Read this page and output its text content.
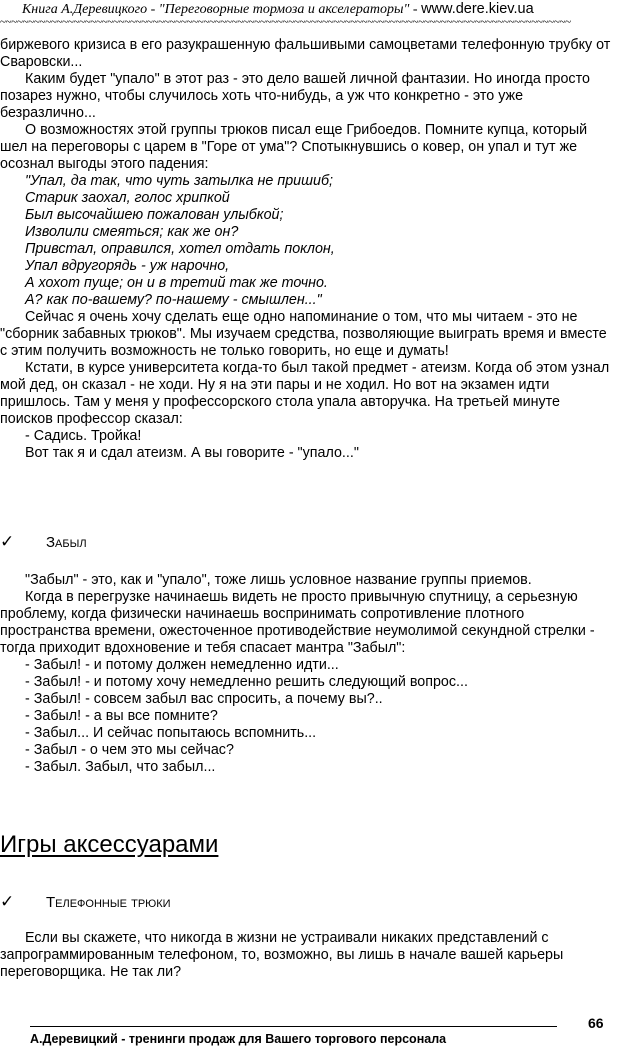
Книга А.Деревицкого - "Переговорные тормоза и акселераторы" - www.dere.kiev.ua
~~~~~~~~~~~~~~~~~~~~~~~~~~~~~~~~~~~~~~~~~~~~~~~~~~~~~~~~~~~~~~~~~~~~~~~~~~~~~~~~~~~~~~~~~~~~~~~~~~~~~

биржевого кризиса в его разукрашенную фальшивыми самоцветами телефонную трубку от Сваровски...

Каким будет "упало" в этот раз - это дело вашей личной фантазии. Но иногда просто позарез нужно, чтобы случилось хоть что-нибудь, а уж что конкретно - это уже безразлично...

О возможностях этой группы трюков писал еще Грибоедов. Помните купца, который шел на переговоры с царем в "Горе от ума"? Спотыкнувшись о ковер, он упал и тут же осознал выгоды этого падения:

"Упал, да так, что чуть затылка не пришиб;

Старик заохал, голос хрипкой

Был высочайшею пожалован улыбкой;

Изволили смеяться; как же он?

Привстал, оправился, хотел отдать поклон,

Упал вдругорядь - уж нарочно,

А хохот пуще; он и в третий так же точно.

А? как по-вашему? по-нашему - смышлен..."

Сейчас я очень хочу сделать еще одно напоминание о том, что мы читаем - это не "сборник забавных трюков". Мы изучаем средства, позволяющие выиграть время и вместе с этим получить возможность не только говорить, но еще и думать!

Кстати, в курсе университета когда-то был такой предмет - атеизм. Когда об этом узнал мой дед, он сказал - не ходи. Ну я на эти пары и не ходил. Но вот на экзамен идти пришлось. Там у меня у профессорского стола упала авторучка. На третьей минуте поисков профессор сказал:

- Садись. Тройка!

Вот так я и сдал атеизм. А вы говорите - "упало..."

✓ Забыл

"Забыл" - это, как и "упало", тоже лишь условное название группы приемов.

Когда в перегрузке начинаешь видеть не просто привычную спутницу, а серьезную проблему, когда физически начинаешь воспринимать сопротивление плотного пространства времени, ожесточенное противодействие неумолимой секундной стрелки - тогда приходит вдохновение и тебя спасает мантра "Забыл":

- Забыл! - и потому должен немедленно идти...

- Забыл! - и потому хочу немедленно решить следующий вопрос...

- Забыл! - совсем забыл вас спросить, а почему вы?..

- Забыл! - а вы все помните?

- Забыл... И сейчас попытаюсь вспомнить...

- Забыл - о чем это мы сейчас?

- Забыл. Забыл, что забыл...

Игры аксессуарами
✓ Телефонные трюки

Если вы скажете, что никогда в жизни не устраивали никаких представлений с запрограммированным телефоном, то, возможно, вы лишь в начале вашей карьеры переговорщика. Не так ли?

66
А.Деревицкий - тренинги продаж для Вашего торгового персонала
